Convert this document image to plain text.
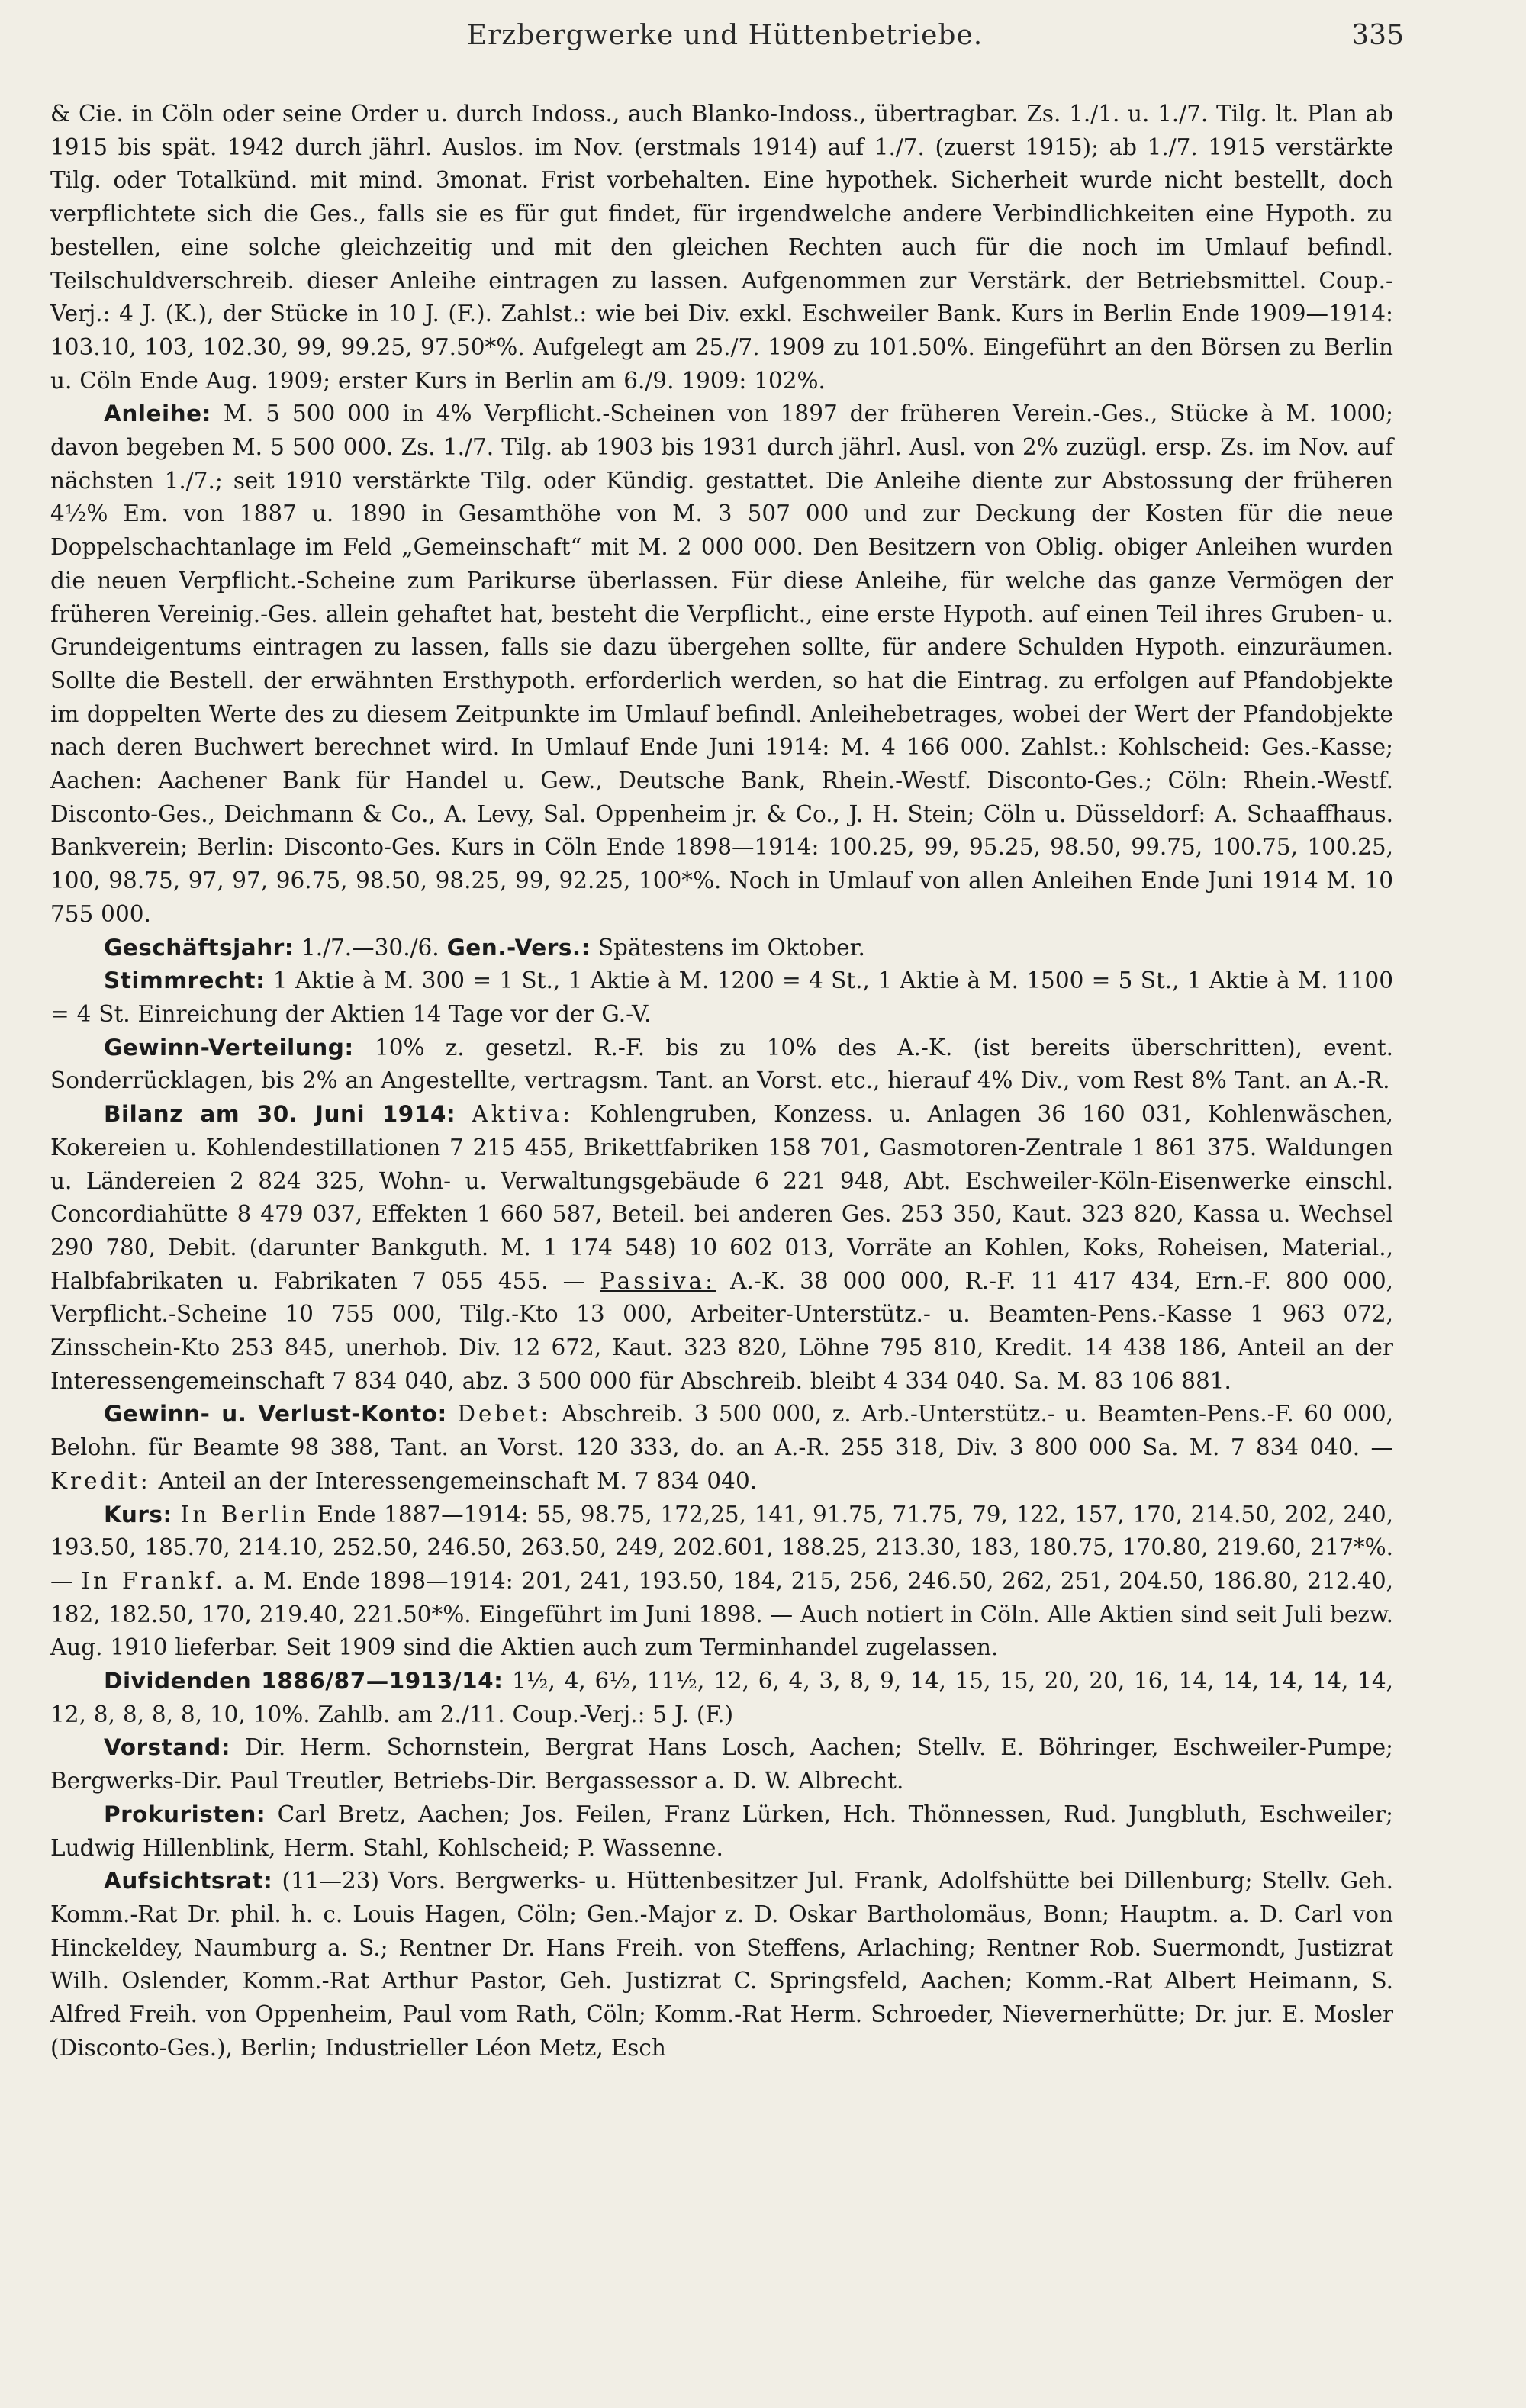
Erzbergwerke und Hüttenbetriebe.	335

& Cie. in Cöln oder seine Order u. durch Indoss., auch Blanko-Indoss., übertragbar. Zs. 1./1. u. 1./7. Tilg. lt. Plan ab 1915 bis spät. 1942 durch jährl. Auslos. im Nov. (erstmals 1914) auf 1./7. (zuerst 1915); ab 1./7. 1915 verstärkte Tilg. oder Totalkünd. mit mind. 3monat. Frist vorbehalten. Eine hypothek. Sicherheit wurde nicht bestellt, doch verpflichtete sich die Ges., falls sie es für gut findet, für irgendwelche andere Verbindlichkeiten eine Hypoth. zu bestellen, eine solche gleichzeitig und mit den gleichen Rechten auch für die noch im Umlauf befindl. Teilschuldverschreib. dieser Anleihe eintragen zu lassen. Aufgenommen zur Verstärk. der Betriebsmittel. Coup.-Verj.: 4 J. (K.), der Stücke in 10 J. (F.). Zahlst.: wie bei Div. exkl. Eschweiler Bank. Kurs in Berlin Ende 1909—1914: 103.10, 103, 102.30, 99, 99.25, 97.50*%. Aufgelegt am 25./7. 1909 zu 101.50%. Eingeführt an den Börsen zu Berlin u. Cöln Ende Aug. 1909; erster Kurs in Berlin am 6./9. 1909: 102%.

Anleihe: M. 5 500 000 in 4% Verpflicht.-Scheinen von 1897 der früheren Verein.-Ges., Stücke à M. 1000; davon begeben M. 5 500 000. Zs. 1./7. Tilg. ab 1903 bis 1931 durch jährl. Ausl. von 2% zuzügl. ersp. Zs. im Nov. auf nächsten 1./7.; seit 1910 verstärkte Tilg. oder Kündig. gestattet. Die Anleihe diente zur Abstossung der früheren 4½% Em. von 1887 u. 1890 in Gesamthöhe von M. 3 507 000 und zur Deckung der Kosten für die neue Doppelschachtanlage im Feld „Gemeinschaft“ mit M. 2 000 000. Den Besitzern von Oblig. obiger Anleihen wurden die neuen Verpflicht.-Scheine zum Parikurse überlassen. Für diese Anleihe, für welche das ganze Vermögen der früheren Vereinig.-Ges. allein gehaftet hat, besteht die Verpflicht., eine erste Hypoth. auf einen Teil ihres Gruben- u. Grundeigentums eintragen zu lassen, falls sie dazu übergehen sollte, für andere Schulden Hypoth. einzuräumen. Sollte die Bestell. der erwähnten Ersthypoth. erforderlich werden, so hat die Eintrag. zu erfolgen auf Pfandobjekte im doppelten Werte des zu diesem Zeitpunkte im Umlauf befindl. Anleihebetrages, wobei der Wert der Pfandobjekte nach deren Buchwert berechnet wird. In Umlauf Ende Juni 1914: M. 4 166 000. Zahlst.: Kohlscheid: Ges.-Kasse; Aachen: Aachener Bank für Handel u. Gew., Deutsche Bank, Rhein.-Westf. Disconto-Ges.; Cöln: Rhein.-Westf. Disconto-Ges., Deichmann & Co., A. Levy, Sal. Oppenheim jr. & Co., J. H. Stein; Cöln u. Düsseldorf: A. Schaaffhaus. Bankverein; Berlin: Disconto-Ges. Kurs in Cöln Ende 1898—1914: 100.25, 99, 95.25, 98.50, 99.75, 100.75, 100.25, 100, 98.75, 97, 97, 96.75, 98.50, 98.25, 99, 92.25, 100*%. Noch in Umlauf von allen Anleihen Ende Juni 1914 M. 10 755 000.

Geschäftsjahr: 1./7.—30./6. Gen.-Vers.: Spätestens im Oktober.

Stimmrecht: 1 Aktie à M. 300 = 1 St., 1 Aktie à M. 1200 = 4 St., 1 Aktie à M. 1500 = 5 St., 1 Aktie à M. 1100 = 4 St. Einreichung der Aktien 14 Tage vor der G.-V.

Gewinn-Verteilung: 10% z. gesetzl. R.-F. bis zu 10% des A.-K. (ist bereits überschritten), event. Sonderrücklagen, bis 2% an Angestellte, vertragsm. Tant. an Vorst. etc., hierauf 4% Div., vom Rest 8% Tant. an A.-R.

Bilanz am 30. Juni 1914: Aktiva: Kohlengruben, Konzess. u. Anlagen 36 160 031, Kohlenwäschen, Kokereien u. Kohlendestillationen 7 215 455, Brikettfabriken 158 701, Gasmotoren-Zentrale 1 861 375. Waldungen u. Ländereien 2 824 325, Wohn- u. Verwaltungsgebäude 6 221 948, Abt. Eschweiler-Köln-Eisenwerke einschl. Concordiahütte 8 479 037, Effekten 1 660 587, Beteil. bei anderen Ges. 253 350, Kaut. 323 820, Kassa u. Wechsel 290 780, Debit. (darunter Bankguth. M. 1 174 548) 10 602 013, Vorräte an Kohlen, Koks, Roheisen, Material., Halbfabrikaten u. Fabrikaten 7 055 455. — Passiva: A.-K. 38 000 000, R.-F. 11 417 434, Ern.-F. 800 000, Verpflicht.-Scheine 10 755 000, Tilg.-Kto 13 000, Arbeiter-Unterstütz.- u. Beamten-Pens.-Kasse 1 963 072, Zinsschein-Kto 253 845, unerhob. Div. 12 672, Kaut. 323 820, Löhne 795 810, Kredit. 14 438 186, Anteil an der Interessengemeinschaft 7 834 040, abz. 3 500 000 für Abschreib. bleibt 4 334 040. Sa. M. 83 106 881.

Gewinn- u. Verlust-Konto: Debet: Abschreib. 3 500 000, z. Arb.-Unterstütz.- u. Beamten-Pens.-F. 60 000, Belohn. für Beamte 98 388, Tant. an Vorst. 120 333, do. an A.-R. 255 318, Div. 3 800 000 Sa. M. 7 834 040. — Kredit: Anteil an der Interessengemeinschaft M. 7 834 040.

Kurs: In Berlin Ende 1887—1914: 55, 98.75, 172,25, 141, 91.75, 71.75, 79, 122, 157, 170, 214.50, 202, 240, 193.50, 185.70, 214.10, 252.50, 246.50, 263.50, 249, 202.601, 188.25, 213.30, 183, 180.75, 170.80, 219.60, 217*%. — In Frankf. a. M. Ende 1898—1914: 201, 241, 193.50, 184, 215, 256, 246.50, 262, 251, 204.50, 186.80, 212.40, 182, 182.50, 170, 219.40, 221.50*%. Eingeführt im Juni 1898. — Auch notiert in Cöln. Alle Aktien sind seit Juli bezw. Aug. 1910 lieferbar. Seit 1909 sind die Aktien auch zum Terminhandel zugelassen.

Dividenden 1886/87—1913/14: 1½, 4, 6½, 11½, 12, 6, 4, 3, 8, 9, 14, 15, 15, 20, 20, 16, 14, 14, 14, 14, 14, 12, 8, 8, 8, 8, 10, 10%. Zahlb. am 2./11. Coup.-Verj.: 5 J. (F.)

Vorstand: Dir. Herm. Schornstein, Bergrat Hans Losch, Aachen; Stellv. E. Böhringer, Eschweiler-Pumpe; Bergwerks-Dir. Paul Treutler, Betriebs-Dir. Bergassessor a. D. W. Albrecht.

Prokuristen: Carl Bretz, Aachen; Jos. Feilen, Franz Lürken, Hch. Thönnessen, Rud. Jungbluth, Eschweiler; Ludwig Hillenblink, Herm. Stahl, Kohlscheid; P. Wassenne.

Aufsichtsrat: (11—23) Vors. Bergwerks- u. Hüttenbesitzer Jul. Frank, Adolfshütte bei Dillenburg; Stellv. Geh. Komm.-Rat Dr. phil. h. c. Louis Hagen, Cöln; Gen.-Major z. D. Oskar Bartholomäus, Bonn; Hauptm. a. D. Carl von Hinckeldey, Naumburg a. S.; Rentner Dr. Hans Freih. von Steffens, Arlaching; Rentner Rob. Suermondt, Justizrat Wilh. Oslender, Komm.-Rat Arthur Pastor, Geh. Justizrat C. Springsfeld, Aachen; Komm.-Rat Albert Heimann, S. Alfred Freih. von Oppenheim, Paul vom Rath, Cöln; Komm.-Rat Herm. Schroeder, Nievernerhütte; Dr. jur. E. Mosler (Disconto-Ges.), Berlin; Industrieller Léon Metz, Esch
